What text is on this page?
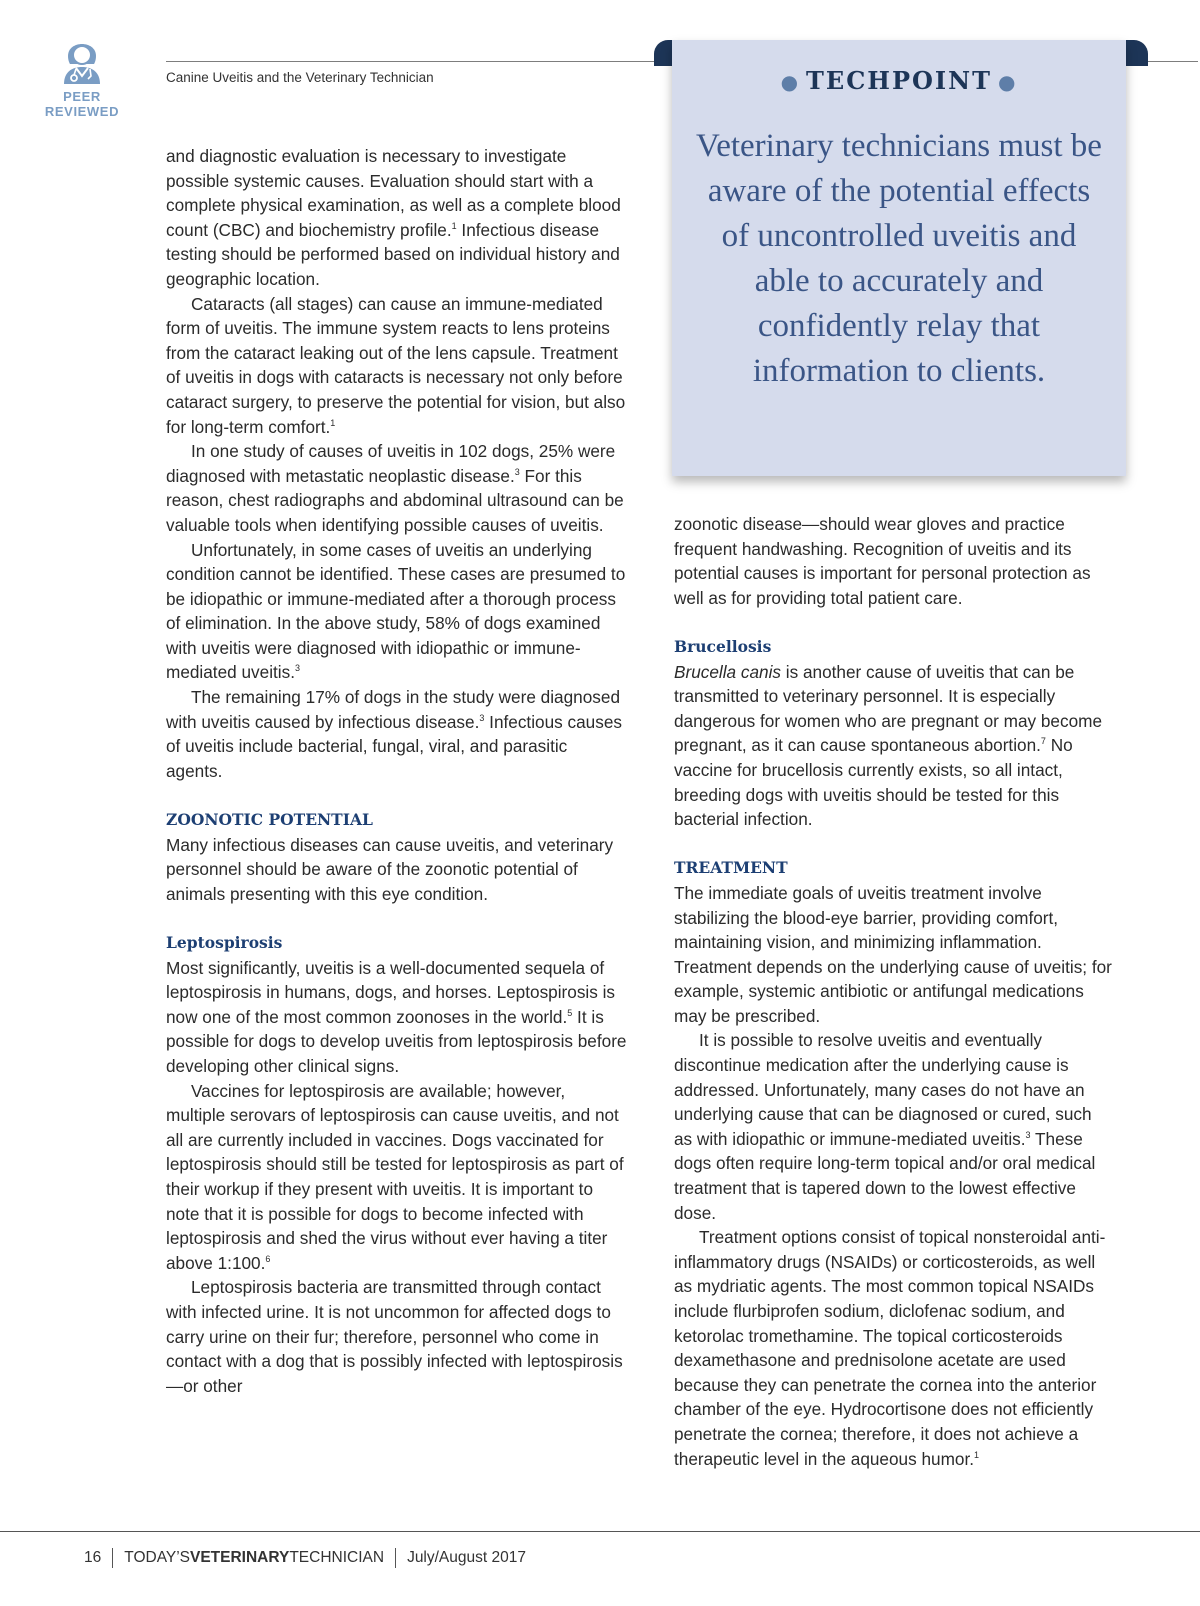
PEER
REVIEWED
Canine Uveitis and the Veterinary Technician	● TECHPOINT ●
Veterinary technicians must be aware of the potential effects of uncontrolled uveitis and able to accurately and confidently relay that information to clients.

and diagnostic evaluation is necessary to investigate possible systemic causes. Evaluation should start with a complete physical examination, as well as a complete blood count (CBC) and biochemistry profile.$^1$ Infectious disease testing should be performed based on individual history and geographic location.

Cataracts (all stages) can cause an immune-mediated form of uveitis. The immune system reacts to lens proteins from the cataract leaking out of the lens capsule. Treatment of uveitis in dogs with cataracts is necessary not only before cataract surgery, to preserve the potential for vision, but also for long-term comfort.$^1$

In one study of causes of uveitis in 102 dogs, 25% were diagnosed with metastatic neoplastic disease.$^3$ For this reason, chest radiographs and abdominal ultrasound can be valuable tools when identifying possible causes of uveitis.

Unfortunately, in some cases of uveitis an underlying condition cannot be identified. These cases are presumed to be idiopathic or immune-mediated after a thorough process of elimination. In the above study, 58% of dogs examined with uveitis were diagnosed with idiopathic or immune-mediated uveitis.$^3$

The remaining 17% of dogs in the study were diagnosed with uveitis caused by infectious disease.$^3$ Infectious causes of uveitis include bacterial, fungal, viral, and parasitic agents.

ZOONOTIC POTENTIAL

Many infectious diseases can cause uveitis, and veterinary personnel should be aware of the zoonotic potential of animals presenting with this eye condition.

Leptospirosis

Most significantly, uveitis is a well-documented sequela of leptospirosis in humans, dogs, and horses. Leptospirosis is now one of the most common zoonoses in the world.$^5$ It is possible for dogs to develop uveitis from leptospirosis before developing other clinical signs.

Vaccines for leptospirosis are available; however, multiple serovars of leptospirosis can cause uveitis, and not all are currently included in vaccines. Dogs vaccinated for leptospirosis should still be tested for leptospirosis as part of their workup if they present with uveitis. It is important to note that it is possible for dogs to become infected with leptospirosis and shed the virus without ever having a titer above 1:100.$^6$

Leptospirosis bacteria are transmitted through contact with infected urine. It is not uncommon for affected dogs to carry urine on their fur; therefore, personnel who come in contact with a dog that is possibly infected with leptospirosis—or other

zoonotic disease—should wear gloves and practice frequent handwashing. Recognition of uveitis and its potential causes is important for personal protection as well as for providing total patient care.

Brucellosis

Brucella canis is another cause of uveitis that can be transmitted to veterinary personnel. It is especially dangerous for women who are pregnant or may become pregnant, as it can cause spontaneous abortion.$^7$ No vaccine for brucellosis currently exists, so all intact, breeding dogs with uveitis should be tested for this bacterial infection.

TREATMENT

The immediate goals of uveitis treatment involve stabilizing the blood-eye barrier, providing comfort, maintaining vision, and minimizing inflammation. Treatment depends on the underlying cause of uveitis; for example, systemic antibiotic or antifungal medications may be prescribed.

It is possible to resolve uveitis and eventually discontinue medication after the underlying cause is addressed. Unfortunately, many cases do not have an underlying cause that can be diagnosed or cured, such as with idiopathic or immune-mediated uveitis.$^3$ These dogs often require long-term topical and/or oral medical treatment that is tapered down to the lowest effective dose.

Treatment options consist of topical nonsteroidal anti-inflammatory drugs (NSAIDs) or corticosteroids, as well as mydriatic agents. The most common topical NSAIDs include flurbiprofen sodium, diclofenac sodium, and ketorolac tromethamine. The topical corticosteroids dexamethasone and prednisolone acetate are used because they can penetrate the cornea into the anterior chamber of the eye. Hydrocortisone does not efficiently penetrate the cornea; therefore, it does not achieve a therapeutic level in the aqueous humor.$^1$

16 TODAY’SVETERINARYTECHNICIAN July/August 2017
